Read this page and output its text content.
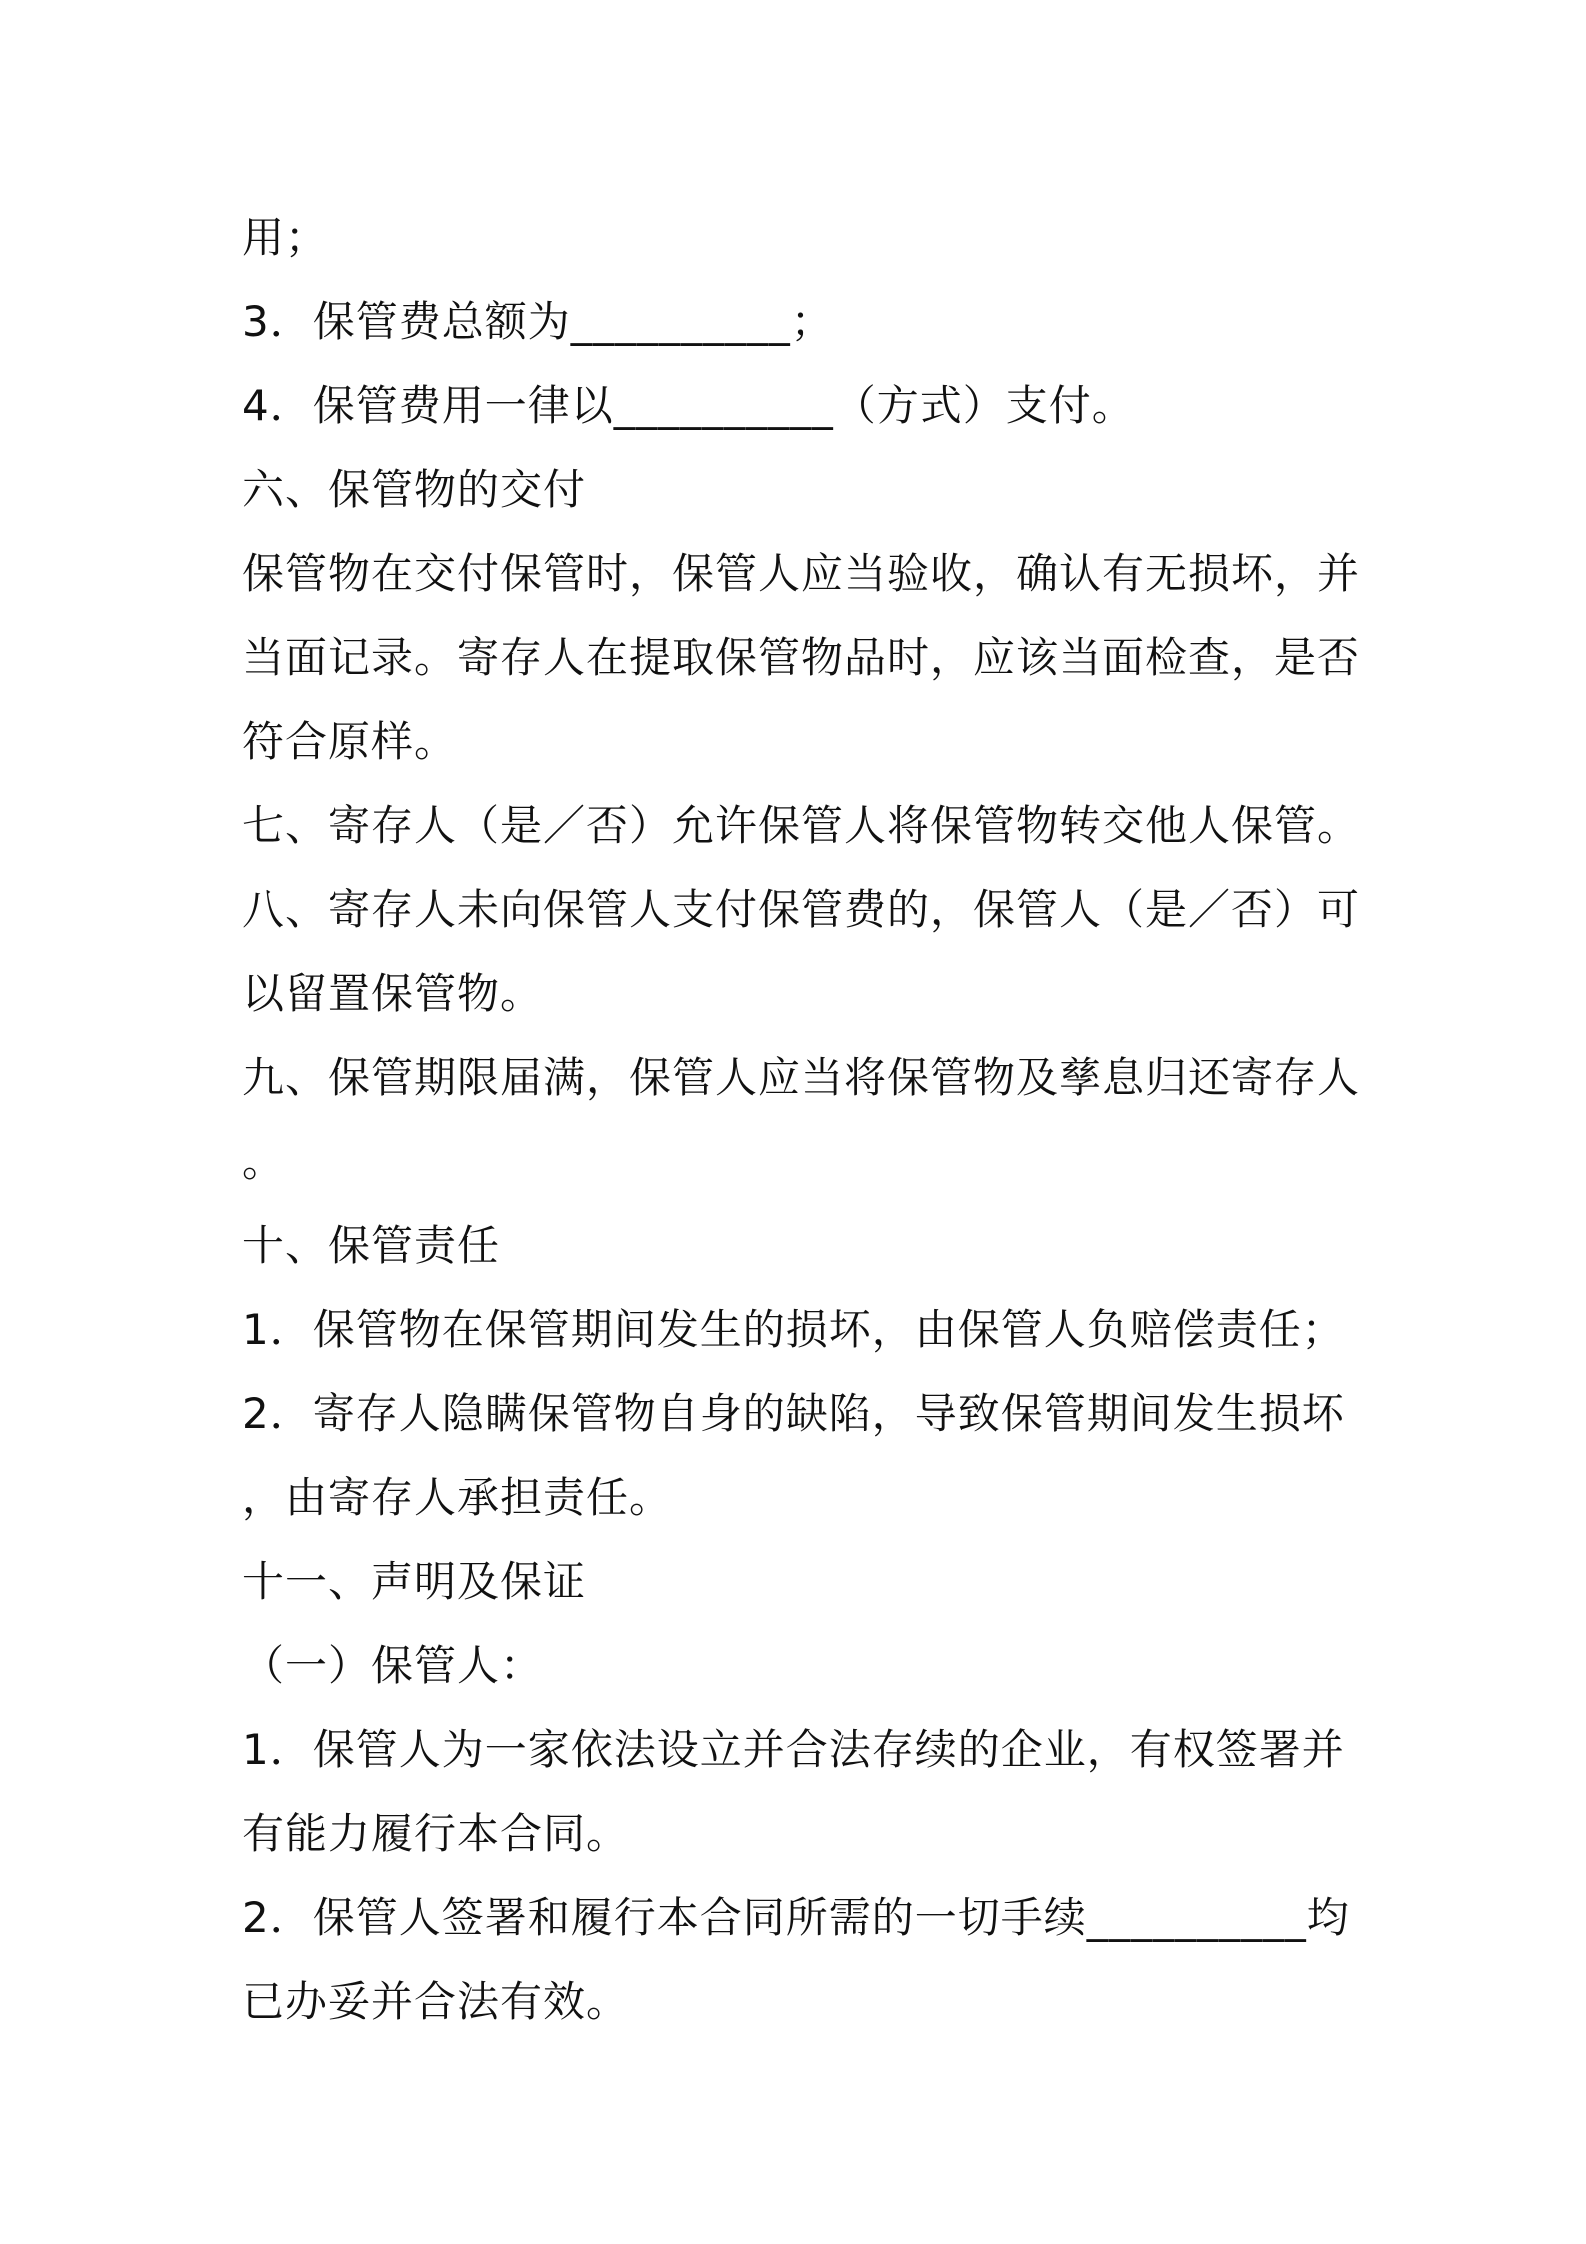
用；
3．保管费总额为__________；
4．保管费用一律以__________（方式）支付。
六、保管物的交付
保管物在交付保管时，保管人应当验收，确认有无损坏，并
当面记录。寄存人在提取保管物品时，应该当面检查，是否
符合原样。
七、寄存人（是／否）允许保管人将保管物转交他人保管。
八、寄存人未向保管人支付保管费的，保管人（是／否）可
以留置保管物。
九、保管期限届满，保管人应当将保管物及孳息归还寄存人
。
十、保管责任
1．保管物在保管期间发生的损坏，由保管人负赔偿责任；
2．寄存人隐瞒保管物自身的缺陷，导致保管期间发生损坏
，由寄存人承担责任。
十一、声明及保证
（一）保管人：
1．保管人为一家依法设立并合法存续的企业，有权签署并
有能力履行本合同。
2．保管人签署和履行本合同所需的一切手续__________均
已办妥并合法有效。
